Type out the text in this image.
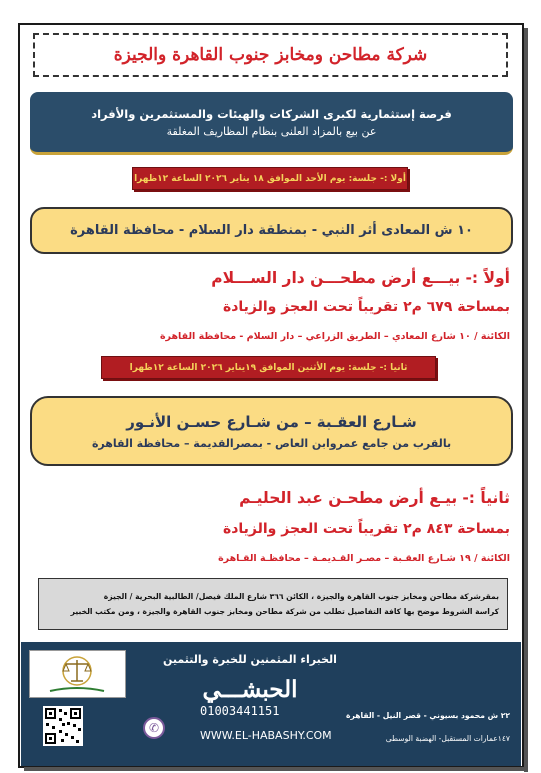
شركة مطاحن ومخابز جنوب القاهرة والجيزة
فرصة إستثمارية لكبرى الشركات والهيئات والمستثمرين والأفراد
عن بيع بالمزاد العلنى بنظام المظاريف المغلقة
أولا :- جلسة: يوم الأحد الموافق ١٨ يناير ٢٠٢٦ الساعة ١٢ظهرا
١٠ ش المعادى أثر النبي - بمنطقة دار السلام - محافظة القاهرة
أولاً :- بيـــع أرض مطحـــن دار الســـلام
بمساحة ٦٧٩ م٢ تقريباً تحت العجز والزيادة
الكائنة / ١٠ شارع المعادي – الطريق الزراعي – دار السلام - محافظة القاهرة
ثانيا :- جلسة: يوم الأثنين الموافق ١٩يناير ٢٠٢٦ الساعة ١٢ظهرا
شـارع العقـبة – من شـارع حسـن الأنـور
بالقرب من جامع عمروابن العاص - بمصرالقديمة – محافظة القاهرة
ثانياً :- بيـع أرض مطحـن عبد الحليـم
بمساحة ٨٤٣ م٢ تقريباً تحت العجز والزيادة
الكائنة / ١٩ شـارع العقـبة – مصـر القـديمـة – محافظـة القـاهرة
بمقرشركة مطاحن ومخابز جنوب القاهرة والجيزة ، الكائن ٣٦٦ شارع الملك فيصل/ الطالبية البحرية / الجيزة
كراسة الشروط موضح بها كافة التفاصيل تطلب من شركة مطاحن ومخابز جنوب القاهرة والجيزة ، ومن مكتب الخبير
الخبراء المثمنين للخبرة والتثمين
الحبشـــي
✆
01003441151
WWW.EL-HABASHY.COM
٢٢ ش محمود بسيوني - قصر النيل - القاهرة
١٤٧عمارات المستقبل- الهضبة الوسطى
